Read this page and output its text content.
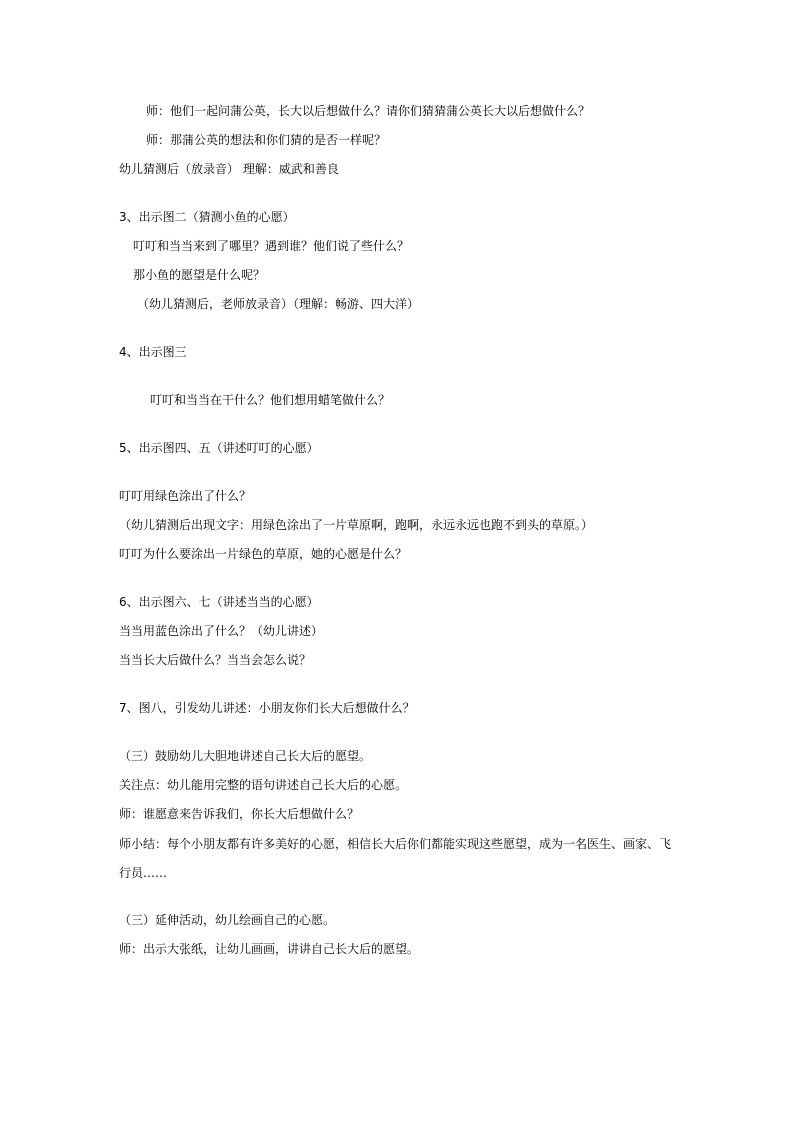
师：他们一起问蒲公英，长大以后想做什么？请你们猜猜蒲公英长大以后想做什么？

师：那蒲公英的想法和你们猜的是否一样呢？

幼儿猜测后（放录音） 理解：威武和善良

3、出示图二（猜测小鱼的心愿）

叮叮和当当来到了哪里？遇到谁？他们说了些什么？

那小鱼的愿望是什么呢？

（幼儿猜测后，老师放录音）（理解：畅游、四大洋）

4、出示图三

叮叮和当当在干什么？他们想用蜡笔做什么？

5、出示图四、五（讲述叮叮的心愿）

叮叮用绿色涂出了什么？

（幼儿猜测后出现文字：用绿色涂出了一片草原啊，跑啊，永远永远也跑不到头的草原。）

叮叮为什么要涂出一片绿色的草原，她的心愿是什么？

6、出示图六、七（讲述当当的心愿）

当当用蓝色涂出了什么？（幼儿讲述）

当当长大后做什么？当当会怎么说？

7、图八，引发幼儿讲述：小朋友你们长大后想做什么？

（三）鼓励幼儿大胆地讲述自己长大后的愿望。

关注点：幼儿能用完整的语句讲述自己长大后的心愿。

师：谁愿意来告诉我们，你长大后想做什么？

师小结：每个小朋友都有许多美好的心愿，相信长大后你们都能实现这些愿望，成为一名医生、画家、飞

行员……

（三）延伸活动，幼儿绘画自己的心愿。

师：出示大张纸，让幼儿画画，讲讲自己长大后的愿望。
